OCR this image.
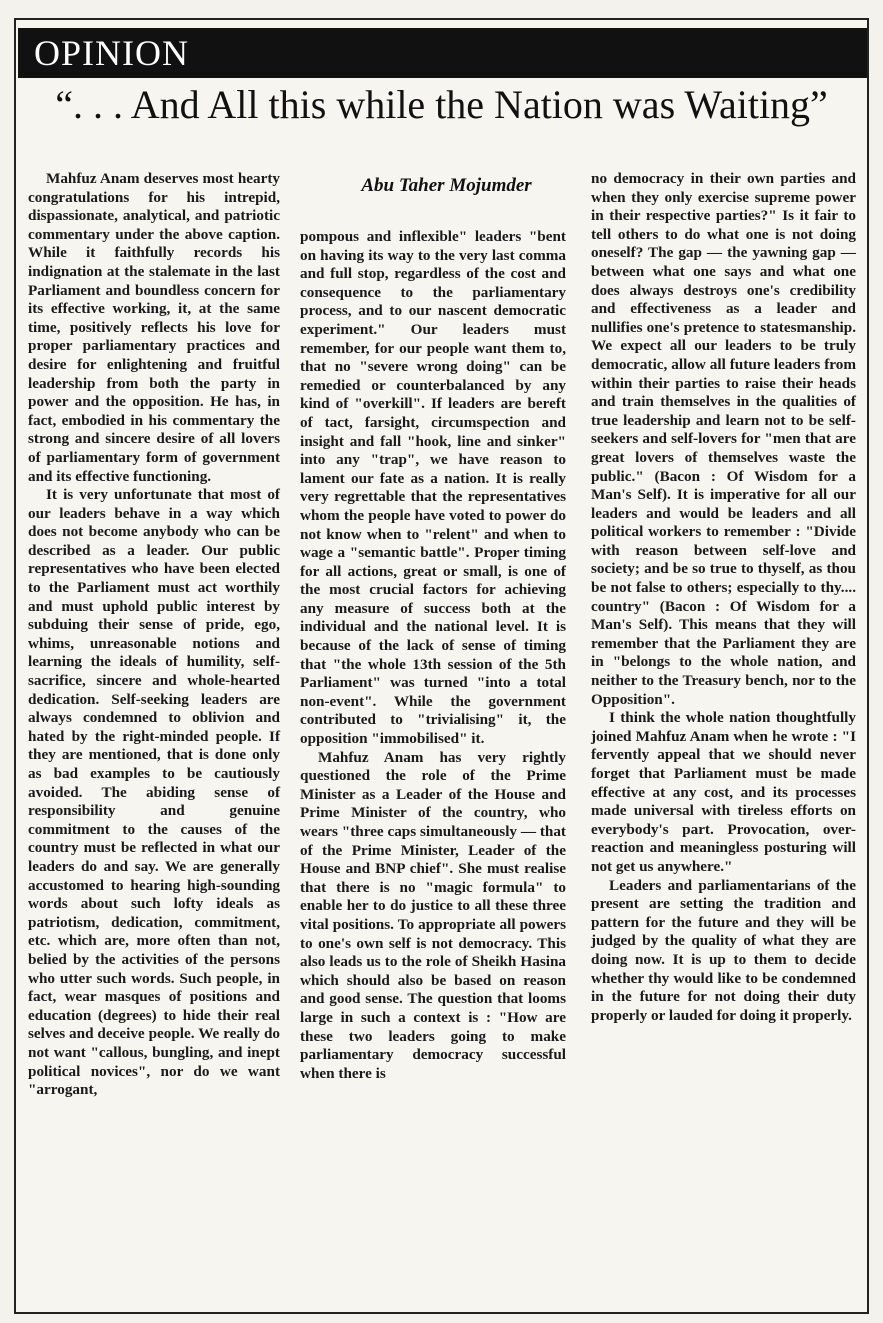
OPINION
“. . . And All this while the Nation was Waiting”
Abu Taher Mojumder

Mahfuz Anam deserves most hearty congratulations for his intrepid, dispassionate, analytical, and patriotic commentary under the above caption. While it faithfully records his indignation at the stalemate in the last Parliament and boundless concern for its effective working, it, at the same time, positively reflects his love for proper parliamentary practices and desire for enlightening and fruitful leadership from both the party in power and the opposition. He has, in fact, embodied in his commentary the strong and sincere desire of all lovers of parliamentary form of government and its effective functioning.

It is very unfortunate that most of our leaders behave in a way which does not become anybody who can be described as a leader. Our public representatives who have been elected to the Parliament must act worthily and must uphold public interest by subduing their sense of pride, ego, whims, unreasonable notions and learning the ideals of humility, self-sacrifice, sincere and whole-hearted dedication. Self-seeking leaders are always condemned to oblivion and hated by the right-minded people. If they are mentioned, that is done only as bad examples to be cautiously avoided. The abiding sense of responsibility and genuine commitment to the causes of the country must be reflected in what our leaders do and say. We are generally accustomed to hearing high-sounding words about such lofty ideals as patriotism, dedication, commitment, etc. which are, more often than not, belied by the activities of the persons who utter such words. Such people, in fact, wear masques of positions and education (degrees) to hide their real selves and deceive people. We really do not want "callous, bungling, and inept political novices", nor do we want "arrogant,

pompous and inflexible" leaders "bent on having its way to the very last comma and full stop, regardless of the cost and consequence to the parliamentary process, and to our nascent democratic experiment." Our leaders must remember, for our people want them to, that no "severe wrong doing" can be remedied or counterbalanced by any kind of "overkill". If leaders are bereft of tact, farsight, circumspection and insight and fall "hook, line and sinker" into any "trap", we have reason to lament our fate as a nation. It is really very regrettable that the representatives whom the people have voted to power do not know when to "relent" and when to wage a "semantic battle". Proper timing for all actions, great or small, is one of the most crucial factors for achieving any measure of success both at the individual and the national level. It is because of the lack of sense of timing that "the whole 13th session of the 5th Parliament" was turned "into a total non-event". While the government contributed to "trivialising" it, the opposition "immobilised" it.

Mahfuz Anam has very rightly questioned the role of the Prime Minister as a Leader of the House and Prime Minister of the country, who wears "three caps simultaneously — that of the Prime Minister, Leader of the House and BNP chief". She must realise that there is no "magic formula" to enable her to do justice to all these three vital positions. To appropriate all powers to one's own self is not democracy. This also leads us to the role of Sheikh Hasina which should also be based on reason and good sense. The question that looms large in such a context is : "How are these two leaders going to make parliamentary democracy successful when there is

no democracy in their own parties and when they only exercise supreme power in their respective parties?" Is it fair to tell others to do what one is not doing oneself? The gap — the yawning gap — between what one says and what one does always destroys one's credibility and effectiveness as a leader and nullifies one's pretence to statesmanship. We expect all our leaders to be truly democratic, allow all future leaders from within their parties to raise their heads and train themselves in the qualities of true leadership and learn not to be self-seekers and self-lovers for "men that are great lovers of themselves waste the public." (Bacon : Of Wisdom for a Man's Self). It is imperative for all our leaders and would be leaders and all political workers to remember : "Divide with reason between self-love and society; and be so true to thyself, as thou be not false to others; especially to thy.... country" (Bacon : Of Wisdom for a Man's Self). This means that they will remember that the Parliament they are in "belongs to the whole nation, and neither to the Treasury bench, nor to the Opposition".

I think the whole nation thoughtfully joined Mahfuz Anam when he wrote : "I fervently appeal that we should never forget that Parliament must be made effective at any cost, and its processes made universal with tireless efforts on everybody's part. Provocation, over-reaction and meaningless posturing will not get us anywhere."

Leaders and parliamentarians of the present are setting the tradition and pattern for the future and they will be judged by the quality of what they are doing now. It is up to them to decide whether thy would like to be condemned in the future for not doing their duty properly or lauded for doing it properly.
